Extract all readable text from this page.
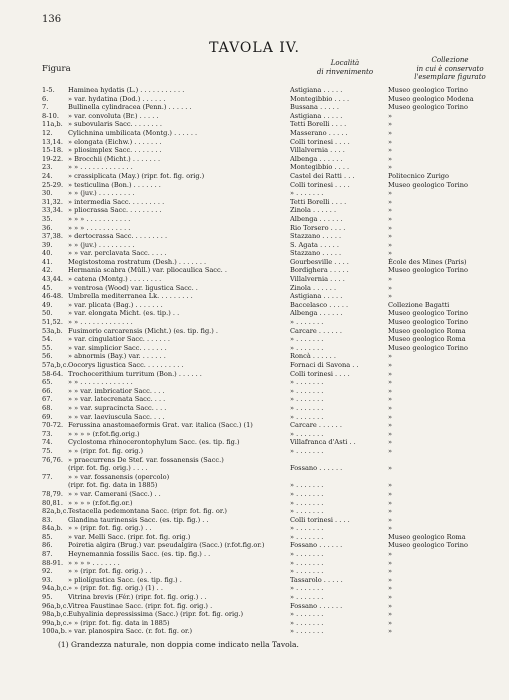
136
TAVOLA IV.
Figura
Località
di rinvenimento
Collezione
in cui è conservato
l'esemplare figurato
1-5. Haminea hydatis (L.) . . . . . . . . . . .	Astigiana . . . . .	Museo geologico Torino
6.	» var. hydatina (Dod.) . . . . . .	Montegibbio . . . .	Museo geologico Modena
7.	Bullinella cylindracea (Penn.) . . . . . .	Bussana . . . . .	Museo geologico Torino
8-10. » var. convoluta (Br.) . . . . .	Astigiana . . . . .	»
11a,b. » subovularis Sacc. . . . . . . .	Tetti Borelli . . . .	»
12. Cylichnina umbilicata (Montg.) . . . . . .	Masserano . . . . .	»
13,14. » elongata (Eichw.) . . . . . . .	Colli torinesi . . . .	»
15-18. » pliosimplex Sacc. . . . . . . .	Villalvernia . . . .	»
19-22. » Brocchii (Micht.) . . . . . . .	Albenga . . . . . .	»
23. » » . . . . . . . . . . . . .	Montegibbio . . . .	»
24. » crassiplicata (May.) (ripr. fot. fig. orig.)	Castel dei Ratti . . .	Politecnico Zurigo
25-29. » testiculina (Bon.) . . . . . . .	Colli torinesi . . . .	Museo geologico Torino
30. » » (juv.) . . . . . . . . .	» . . . . . . .	»
31,32. » intermedia Sacc. . . . . . . . .	Tetti Borelli . . . .	»
33,34. » pliocrassa Sacc. . . . . . . . .	Zinola . . . . . .	»
35. » » » . . . . . . . . . . .	Albenga . . . . . .	»
36. » » » . . . . . . . . . . .	Rio Torsero . . . .	»
37,38. » dertocrassa Sacc. . . . . . . . .	Stazzano . . . . .	»
39. » » (juv.) . . . . . . . . .	S. Agata . . . . .	»
40. » » var. perclavata Sacc. . . . .	Stazzano . . . . .	»
41. Megistostoma rostratum (Desh.) . . . . . . .	Gourbesville . . . .	École des Mines (Paris)
42. Hermania scabra (Müll.) var. pliocaulica Sacc. .	Bordighera . . . . .	Museo geologico Torino
43,44. » catena (Montg.) . . . . . . . .	Villalvernia . . . .	»
45. » ventrosa (Wood) var. ligustica Sacc. .	Zinola . . . . . .	»
46-48. Umbrella mediterranea Lk. . . . . . . . .	Astigiana . . . . .	»
49. » var. plicata (Bag.) . . . . . . .	Baccelasco . . . . .	Collezione Bagatti
50. » var. elongata Micht. (es. tip.) . .	Albenga . . . . . .	Museo geologico Torino
51,52. » » . . . . . . . . . . . . .	» . . . . . . .	Museo geologico Torino
53a,b. Fusimorio carcarensis (Micht.) (es. tip. fig.) .	Carcare . . . . . .	Museo geologico Roma
54. » var. cingulatior Sacc. . . . . . .	» . . . . . . .	Museo geologico Roma
55. » var. simplicior Sacc. . . . . . .	» . . . . . . .	Museo geologico Torino
56. » abnormis (Bay.) var. . . . . . .	Roncà . . . . . .	»
57a,b,c. Oocorys ligustica Sacc. . . . . . . . . .	Fornaci di Savona . .	»
58-64. Trochocerithium turritum (Bon.) . . . . . .	Colli torinesi . . . .	»
65. » » . . . . . . . . . . . . .	» . . . . . . .	»
66. » » var. imbricatior Sacc. . . .	» . . . . . . .	»
67. » » var. latecrenata Sacc. . . .	» . . . . . . .	»
68. » » var. supracincta Sacc. . . .	» . . . . . . .	»
69. » » var. laeviuscula Sacc. . . .	» . . . . . . .	»
70-72. Ferussina anastomaeformis Grat. var. italica (Sacc.) (1)	Carcare . . . . . .	»
73. » » » » (r.fot.fig.orig.)	» . . . . . . .	»
74. Cyclostoma rhinocerontophylum Sacc. (es. tip. fig.)	Villafranca d'Asti . .	»
75. » » (ripr. fot. fig. orig.)	» . . . . . . .	»
76,76. » praecurrens De Stef. var. fossanensis (Sacc.)
(ripr. fot. fig. orig.) . . . .	Fossano . . . . . .	»
77. » » var. fossanensis (opercolo)
(ripr. fot. fig. data in 1885)	» . . . . . . .	»
78,79. » » var. Camerani (Sacc.) . .	» . . . . . . .	»
80,81. » » » » (r.fot.fig.or.)	» . . . . . . .	»
82a,b,c. Testacella pedemontana Sacc. (ripr. fot. fig. or.)	» . . . . . . .	»
83. Glandina taurinensis Sacc. (es. tip. fig.) . .	Colli torinesi . . . .	»
84a,b. » » (ripr. fot. fig. orig.) . .	» . . . . . . .	»
85. » var. Melli Sacc. (ripr. fot. fig. orig.)	» . . . . . . .	Museo geologico Roma
86. Poiretia algira (Brug.) var. pseudalgira (Sacc.) (r.fot.fig.or.)	Fossano . . . . . .	Museo geologico Torino
87. Heynemannia fossilis Sacc. (es. tip. fig.) . .	» . . . . . . .	»
88-91. » » » » . . . . . . .	» . . . . . . .	»
92. » » (ripr. fot. fig. orig.) . .	» . . . . . . .	»
93. » pliolígustica Sacc. (es. tip. fig.) .	Tassarolo . . . . .	»
94a,b,c. » » (ripr. fot. fig. orig.) (1) . .	» . . . . . . .	»
95. Vitrina brevis (Fér.) (ripr. fot. fig. orig.) . .	» . . . . . . .	»
96a,b,c. Vitrea Faustinae Sacc. (ripr. fot. fig. orig.) .	Fossano . . . . . .	»
98a,b,c. Euhyalinia depressissima (Sacc.) (ripr. fot. fig. orig.)	» . . . . . . .	»
99a,b,c. » » (ripr. fot. fig. data in 1885)	» . . . . . . .	»
100a,b. » var. planospira Sacc. (r. fot. fig. or.)	» . . . . . . .	»
(1) Grandezza naturale, non doppia come indicato nella Tavola.
